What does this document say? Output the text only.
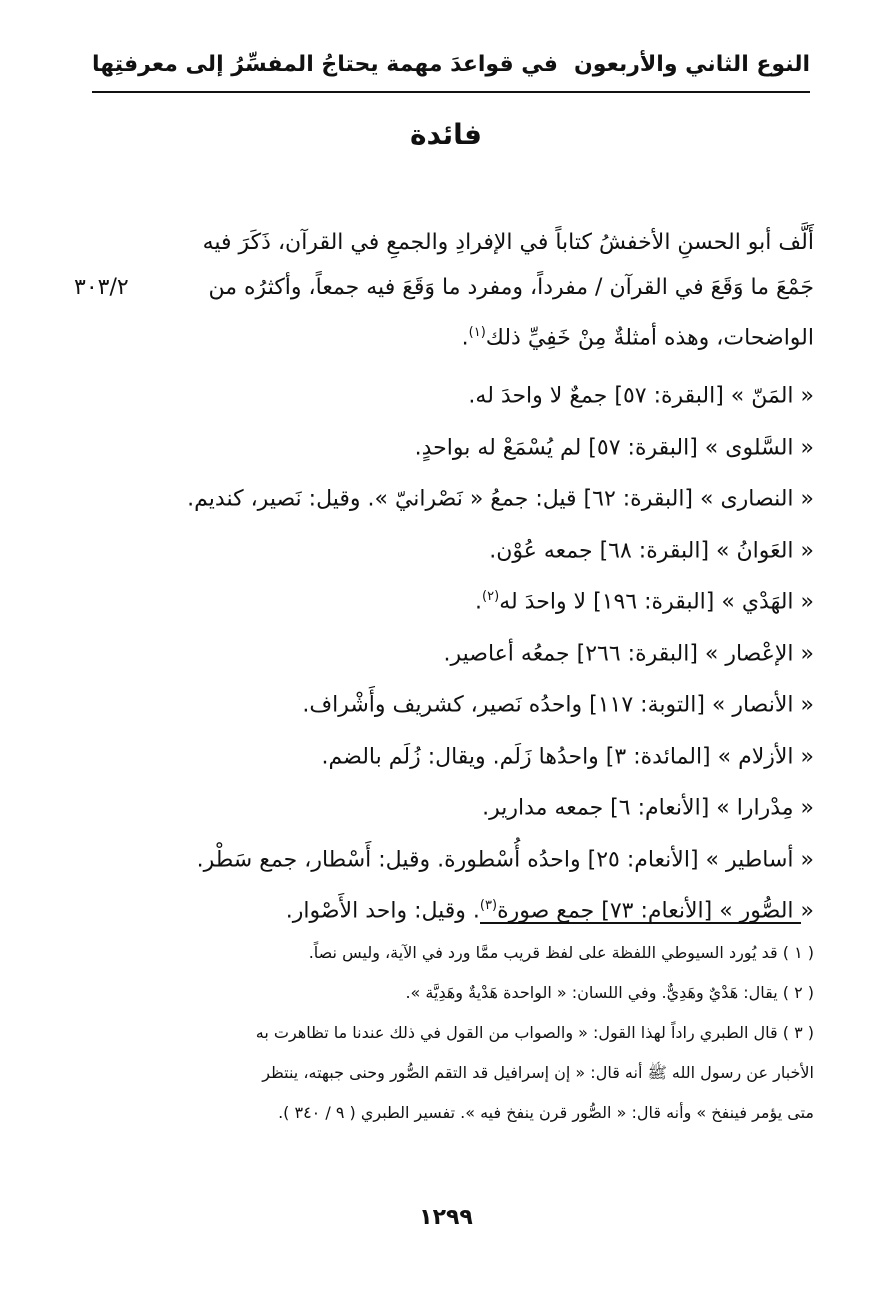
النوع الثاني والأربعون
في قواعدَ مهمة يحتاجُ المفسِّرُ إلى معرفتِها
فائدة
أَلَّف أبو الحسنِ الأخفشُ كتاباً في الإفرادِ والجمعِ في القرآن، ذَكَرَ فيه
جَمْعَ ما وَقَعَ في القرآن / مفرداً، ومفرد ما وَقَعَ فيه جمعاً، وأكثرُه من
٣٠٣/٢
الواضحات، وهذه أمثلةٌ مِنْ خَفِيِّ ذلك$^{(١)}$.
« المَنّ » [البقرة: ٥٧] جمعٌ لا واحدَ له.
« السَّلوى » [البقرة: ٥٧] لم يُسْمَعْ له بواحدٍ.
« النصارى » [البقرة: ٦٢] قيل: جمعُ « نَصْرانيّ ». وقيل: نَصير، كنديم.
« العَوانُ » [البقرة: ٦٨] جمعه عُوْن.
« الهَدْي » [البقرة: ١٩٦] لا واحدَ له$^{(٢)}$.
« الإعْصار » [البقرة: ٢٦٦] جمعُه أعاصير.
« الأنصار » [التوبة: ١١٧] واحدُه نَصير، كشريف وأَشْراف.
« الأزلام » [المائدة: ٣] واحدُها زَلَم. ويقال: زُلَم بالضم.
« مِدْرارا » [الأنعام: ٦] جمعه مدارير.
« أساطير » [الأنعام: ٢٥] واحدُه أُسْطورة. وقيل: أَسْطار، جمع سَطْر.
« الصُّور » [الأنعام: ٧٣] جمع صورة$^{(٣)}$. وقيل: واحد الأَصْوار.
( ١ ) قد يُورد السيوطي اللفظة على لفظ قريب ممَّا ورد في الآية، وليس نصاً.
( ٢ ) يقال: هَدْيٌ وهَدِيٌّ. وفي اللسان: « الواحدة هَدْيةٌ وهَدِيَّة ».
( ٣ ) قال الطبري راداً لهذا القول: « والصواب من القول في ذلك عندنا ما تظاهرت به
الأخبار عن رسول الله ﷺ أنه قال: « إن إسرافيل قد التقم الصُّور وحنى جبهته، ينتظر
متى يؤمر فينفخ » وأنه قال: « الصُّور قرن ينفخ فيه ». تفسير الطبري ( ٩ / ٣٤٠ ).
١٢٩٩
